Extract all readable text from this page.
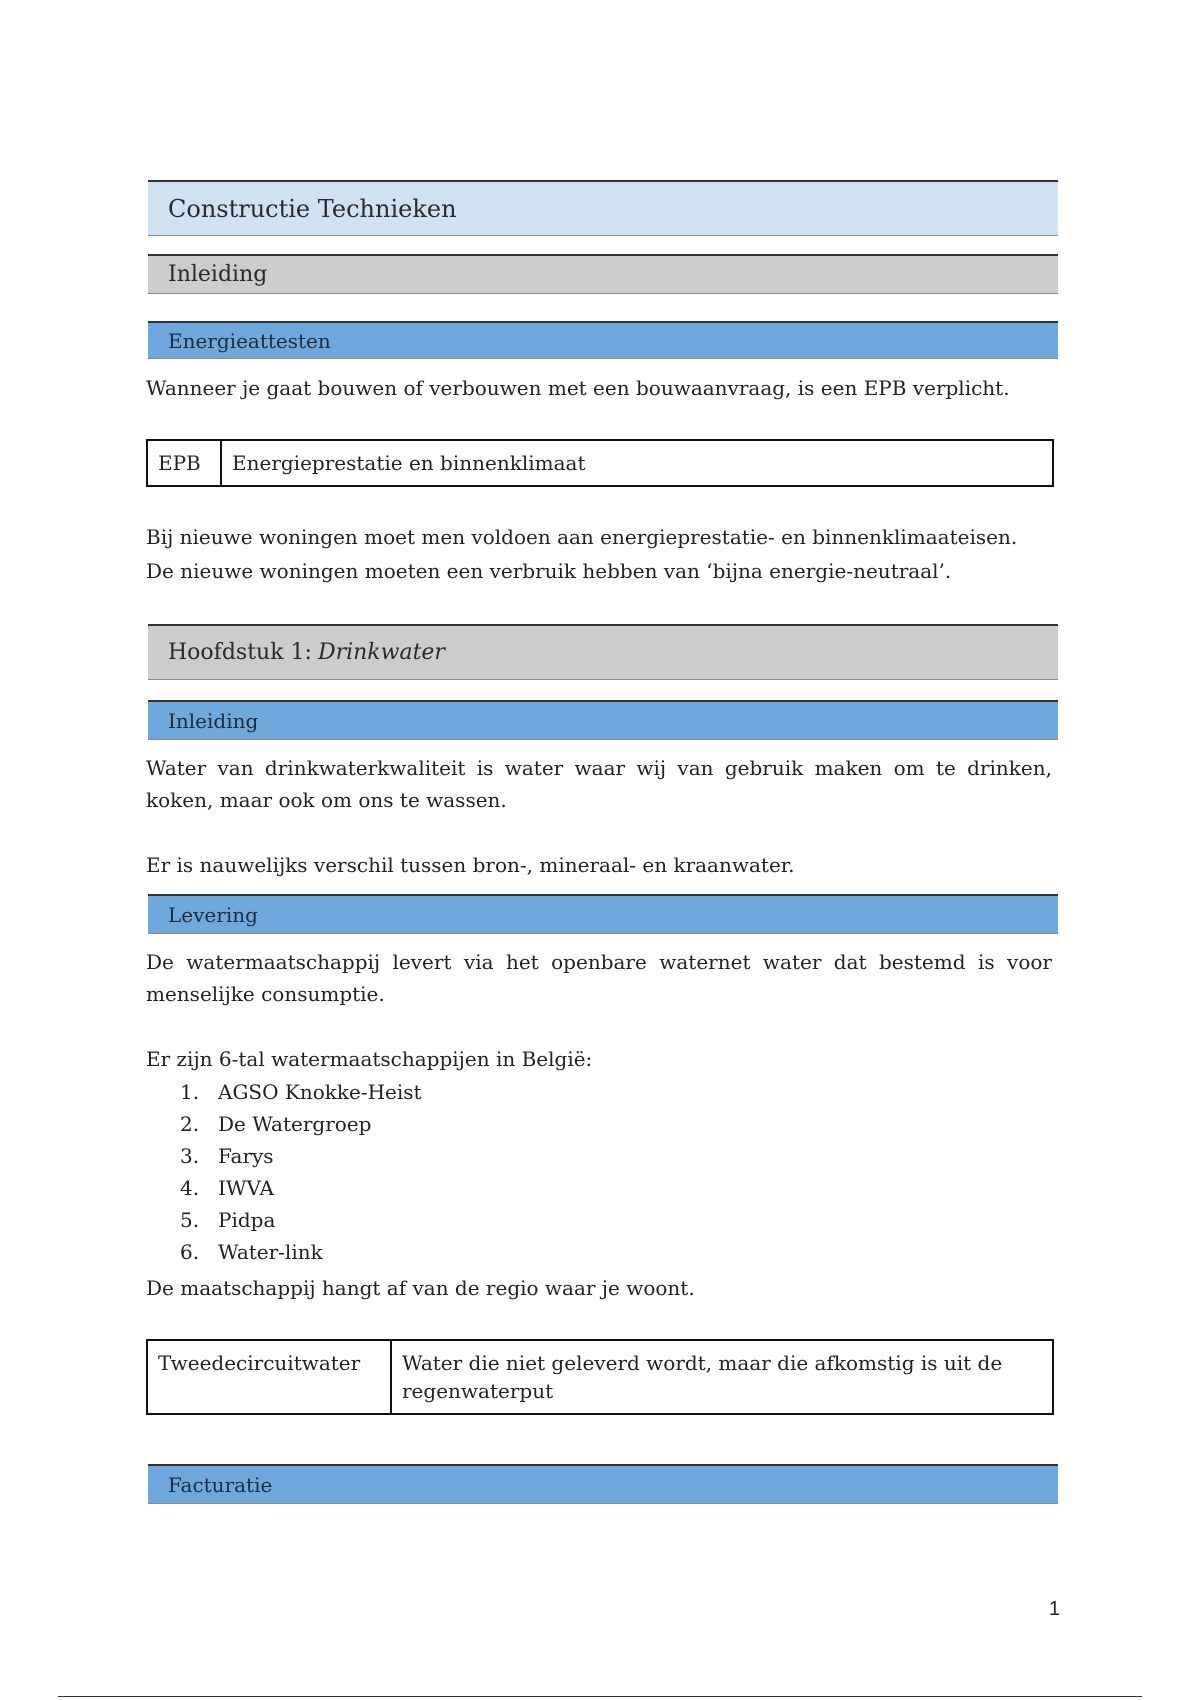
Constructie Technieken
Inleiding
Energieattesten

Wanneer je gaat bouwen of verbouwen met een bouwaanvraag, is een EPB verplicht.

EPB	Energieprestatie en binnenklimaat

Bij nieuwe woningen moet men voldoen aan energieprestatie- en binnenklimaateisen.

De nieuwe woningen moeten een verbruik hebben van ‘bijna energie-neutraal’.

Hoofdstuk 1: Drinkwater
Inleiding

Water van drinkwaterkwaliteit is water waar wij van gebruik maken om te drinken, koken, maar ook om ons te wassen.

Er is nauwelijks verschil tussen bron-, mineraal- en kraanwater.

Levering

De watermaatschappij levert via het openbare waternet water dat bestemd is voor menselijke consumptie.

Er zijn 6-tal watermaatschappijen in België:

1. AGSO Knokke-Heist
2. De Watergroep
3. Farys
4. IWVA
5. Pidpa
6. Water-link

De maatschappij hangt af van de regio waar je woont.

Tweedecircuitwater	Water die niet geleverd wordt, maar die afkomstig is uit de regenwaterput
Facturatie
1
